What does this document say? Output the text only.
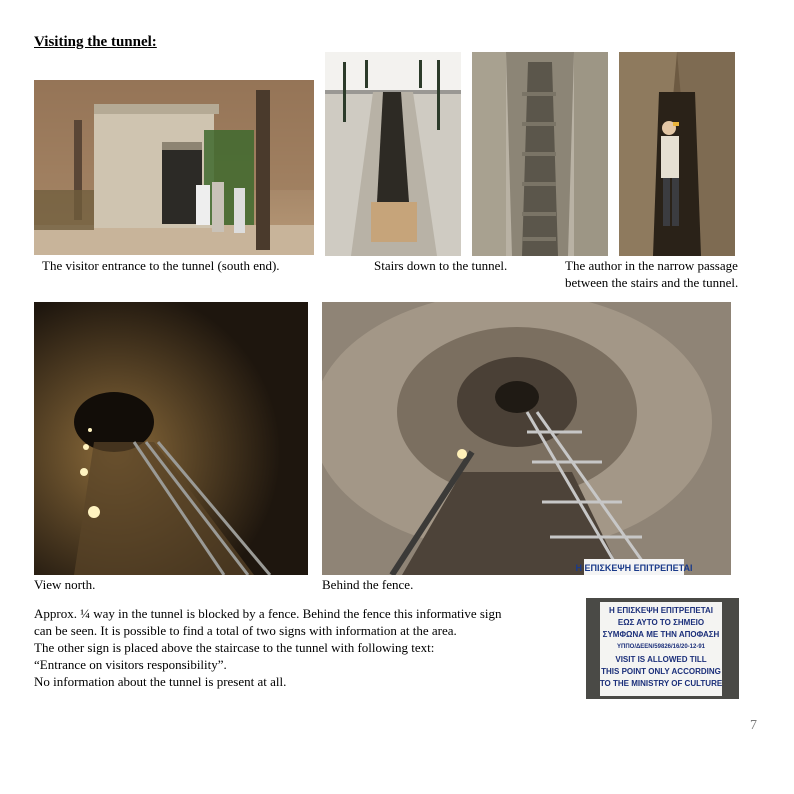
Visiting the tunnel:
The visitor entrance to the tunnel (south end).	Stairs down to the tunnel.	The author in the narrow passage
between the stairs and the tunnel.
View north.
Η ΕΠΙΣΚΕΨΗ ΕΠΙΤΡΕΠΕΤΑΙ
Behind the fence.
Approx. ¼ way in the tunnel is blocked by a fence. Behind the fence this informative sign
can be seen. It is possible to find a total of two signs with information at the area.
The other sign is placed above the staircase to the tunnel with following text:
“Entrance on visitors responsibility”.
No information about the tunnel is present at all.
Η ΕΠΙΣΚΕΨΗ ΕΠΙΤΡΕΠΕΤΑΙ
ΕΩΣ ΑΥΤΟ ΤΟ ΣΗΜΕΙΟ
ΣΥΜΦΩΝΑ ΜΕ ΤΗΝ ΑΠΟΦΑΣΗ
ΥΠΠΟ/ΔΕΕΝ/59826/16/20-12-91
VISIT IS ALLOWED TILL
THIS POINT ONLY ACCORDING
TO THE MINISTRY OF CULTURE
7
